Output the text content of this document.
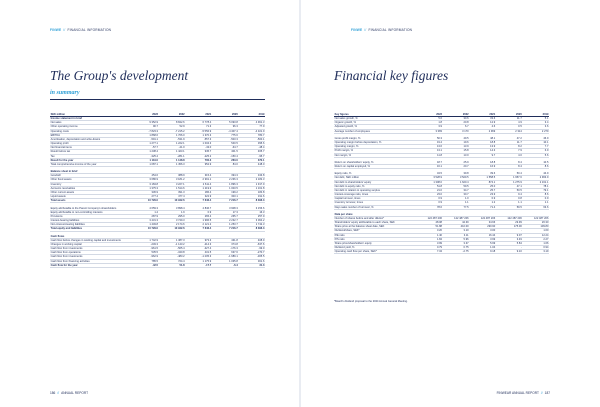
FINWE // FINANCIAL INFORMATION
The Group's development
in summary
SEK million	2023	2022	2021	2020	2019
Income statement in brief					
Net sales	9 352.9	8 842.6	6 778.4	5 093.8	4 961.3
Other operating income	90.7	52.9	71.3	96.3	77.9
Operating costs	-7 823.3	-7 215.2	-5 556.9	-4 407.4	-4 321.9
EBITDA	1 868.6	1 766.0	1 370.3	775.6	780.7
Amortisation, depreciation and write-downs	-591.1	-531.9	-557.3	-503.3	-500.1
Operating profit	1 277.1	1 222.1	1 034.3	540.5	395.6
Net financial items	-57.7	-41.0	-43.0	-64.7	-48.4
Result before tax	1 238.4	1 423.1	945.7	401.5	465.7
Tax	-325.4	-281.1	-225.2	-150.4	-95.7
Result for the year	1 119.0	1 148.8	700.3	263.0	370.1
Total comprehensive income of the year	1 087.1	1 456.3	952.9	84.0	448.0

Balance sheet in brief					
Goodwill	454.6	388.9	315.4	394.3	343.8
Other fixed assets	3 686.9	3 181.2	2 991.1	2 236.3	2 182.3
Inventory	3 184.8	3 227.1	2 611.4	1 896.3	1 917.9
Accounts receivables	1 375.3	1 514.6	1 219.9	1 003.5	1 161.8
Other current assets	336.9	391.3	186.4	199.2	184.8
Liquid assets	277.4	477.4	322.9	303.1	191.6
Total assets	10 729.0	10 942.6	7 646.4	7 216.7	8 396.3

Equity attributable to the Parent Company's shareholders	4 659.3	3 898.4	4 846.7	3 908.3	3 156.6
Equity attributable to non-controlling interests	1.4	1.9	0.9	17.3	16.3
Provisions	287.9	295.0	265.4	265.7	257.9
Interest-bearing liabilities	3 431.3	3 749.3	1 996.5	2 232.7	3 064.2
Non-interest-bearing liabilities	1 449.8	2 174.6	2 121.2	1 253.7	1 742.3
Total equity and liabilities	10 729.0	10 942.6	7 646.4	7 216.7	8 396.3

Cash flows					
Cash flow before changes in working capital and investments	1 742.9	1 387.3	973.3	431.8	408.9
Changes in working capital	-249.3	-1 143.2	-214.3	374.8	-637.6
Cash flow from investments	-961.5	-565.4	-327.4	-176.3	-99.9
Cash flow from operations	535.5	-340.8	431.5	637.6	-270.7
Cash flow from investments	-962.9	-483.2	-1 205.3	-1 689.1	-305.5
Cash flow from financing activities	785.5	724.4	1 175.9	1 035.8	301.6
Cash flow for the year	-42.5	51.8	-17.7	-6.4	31.3
186 // ANNUAL REPORT
FINWE // FINANCIAL INFORMATION
Financial key figures
Key figures	2023	2022	2021	2020	2019
Net sales growth, %	5.6	30.6	33.6	11.7	5.1
Organic growth, %	1.8	20.8	12.9	4.9	3.4
Adjusted growth, %	3.9	6.7	4.6	0.5	3.6
Average number of employees	3 383	3 170	2 969	2 314	2 279

Gross profit margin, %	50.3	49.5	48.1	47.2	46.9
Operating margin before depreciation, %	19.4	19.6	18.8	11.7	10.1
Operating margin, %	13.6	13.9	13.9	8.2	7.7
Profit margin, %	13.1	15.8	14.3	7.9	6.9
Net margin, %	11.8	13.0	9.7	4.0	5.6

Return on shareholders' equity, %	18.7	25.9	18.8	8.4	10.5
Return on capital employed, %	16.1	20.7	16.9	8.4	8.6

Equity ratio, %	43.5	39.8	39.6	50.4	44.9
Net debt, SEK million	3 528.9	3 529.5	1 558.5	1 957.6	2 963.9
Net debt to shareholders' equity	1 308.0	1 620.4	874.1	1 275.9	2 161.1
Net debt to equity ratio, %	51.8	59.5	25.0	47.1	78.1
Net debt in relation to operating surplus	21.0	34.7	25.7	50.5	79.1
Interest-coverage ratio, times	23.0	30.7	23.9	9.4	8.6
Capital turnover, times	0.9	1.0	0.9	0.8	0.9
Inventory turnover, times	0.9	1.1	1.2	1.1	1.1
Days sales number of turnover, %	78.6	77.5	71.4	59.5	63.6

Data per share					
Number of shares before and after dilution*	122 487 206	122 487 206	122 487 206	122 487 206	122 487 206
Shareholders' equity attributable to each share, SEK	48.08	44.39	34.66	29.99	26.30
Share price at the balance sheet date, SEK	51.88	410.00	290.90	175.00	109.80
Dividend/share, SEK*	3.20	3.10	3.00	-	1.60
P/E ratio	1.40	3.11	16.44	9.07	12.24
P/S ratio	1.84	5.96	3.99	3.49	2.27
Share price/shareholders' equity	3.99	3.37	5.99	5.84	1.66
Dividend yield, %	0.79	0.75	1.04	-	0.94
Operating cash flow per share, SEK*	7.34	-2.75	9.18	9.10	3.19
*Board's dividend proposal to the 2024 Annual General Meeting.
FINWEAR ANNUAL REPORT // 187
